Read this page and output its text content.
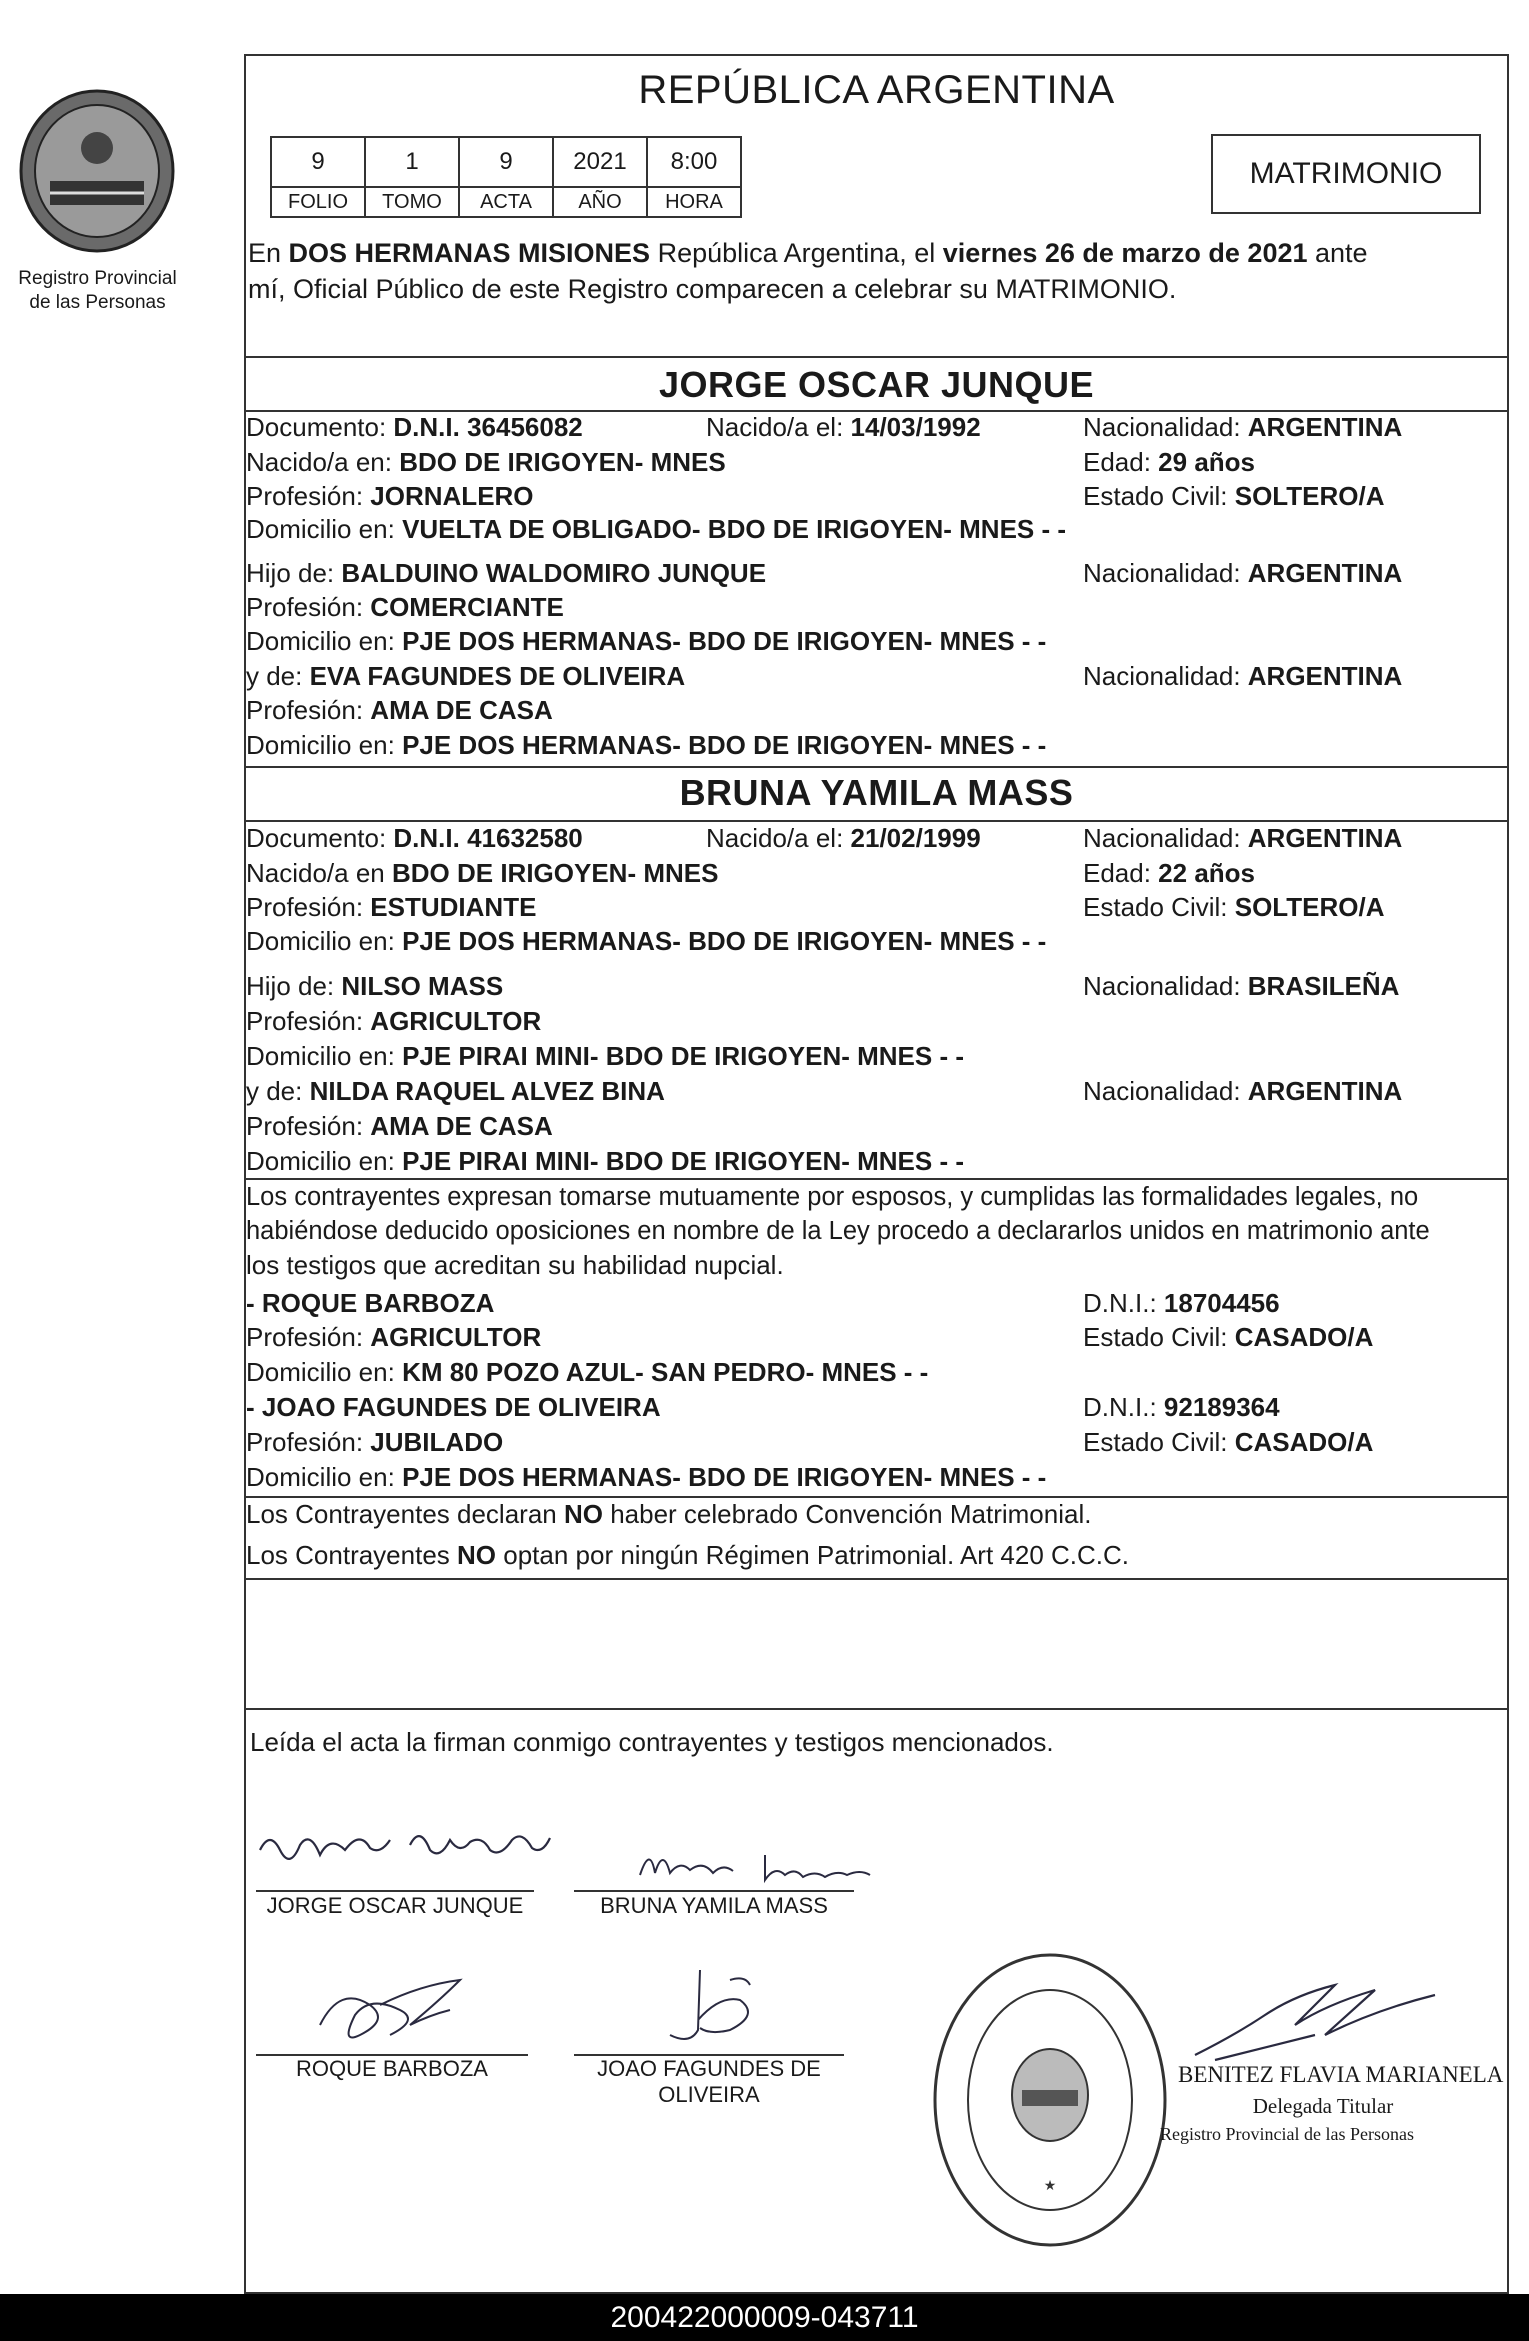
Registro Provincial
de las Personas
REPÚBLICA ARGENTINA
9	1	9	2021	8:00
FOLIO	TOMO	ACTA	AÑO	HORA
MATRIMONIO
En DOS HERMANAS MISIONES República Argentina, el viernes 26 de marzo de 2021 ante
mí, Oficial Público de este Registro comparecen a celebrar su MATRIMONIO.
JORGE OSCAR JUNQUE
Documento: D.N.I. 36456082	Nacido/a el: 14/03/1992	Nacionalidad: ARGENTINA
Nacido/a en: BDO DE IRIGOYEN- MNES	Edad: 29 años
Profesión: JORNALERO	Estado Civil: SOLTERO/A
Domicilio en: VUELTA DE OBLIGADO- BDO DE IRIGOYEN- MNES - -
Hijo de: BALDUINO WALDOMIRO JUNQUE	Nacionalidad: ARGENTINA
Profesión: COMERCIANTE
Domicilio en: PJE DOS HERMANAS- BDO DE IRIGOYEN- MNES - -
y de: EVA FAGUNDES DE OLIVEIRA	Nacionalidad: ARGENTINA
Profesión: AMA DE CASA
Domicilio en: PJE DOS HERMANAS- BDO DE IRIGOYEN- MNES - -
BRUNA YAMILA MASS
Documento: D.N.I. 41632580	Nacido/a el: 21/02/1999	Nacionalidad: ARGENTINA
Nacido/a en BDO DE IRIGOYEN- MNES	Edad: 22 años
Profesión: ESTUDIANTE	Estado Civil: SOLTERO/A
Domicilio en: PJE DOS HERMANAS- BDO DE IRIGOYEN- MNES - -
Hijo de: NILSO MASS	Nacionalidad: BRASILEÑA
Profesión: AGRICULTOR
Domicilio en: PJE PIRAI MINI- BDO DE IRIGOYEN- MNES - -
y de: NILDA RAQUEL ALVEZ BINA	Nacionalidad: ARGENTINA
Profesión: AMA DE CASA
Domicilio en: PJE PIRAI MINI- BDO DE IRIGOYEN- MNES - -
Los contrayentes expresan tomarse mutuamente por esposos, y cumplidas las formalidades legales, no
habiéndose deducido oposiciones en nombre de la Ley procedo a declararlos unidos en matrimonio ante
los testigos que acreditan su habilidad nupcial.
- ROQUE BARBOZA	D.N.I.: 18704456
Profesión: AGRICULTOR	Estado Civil: CASADO/A
Domicilio en: KM 80 POZO AZUL- SAN PEDRO- MNES - -
- JOAO FAGUNDES DE OLIVEIRA	D.N.I.: 92189364
Profesión: JUBILADO	Estado Civil: CASADO/A
Domicilio en: PJE DOS HERMANAS- BDO DE IRIGOYEN- MNES - -
Los Contrayentes declaran NO haber celebrado Convención Matrimonial.
Los Contrayentes NO optan por ningún Régimen Patrimonial. Art 420 C.C.C.
Leída el acta la firman conmigo contrayentes y testigos mencionados.
JORGE OSCAR JUNQUE	BRUNA YAMILA MASS
ROQUE BARBOZA	JOAO FAGUNDES DE
OLIVEIRA
★
BENITEZ FLAVIA MARIANELA
Delegada Titular
Registro Provincial de las Personas
200422000009-043711
